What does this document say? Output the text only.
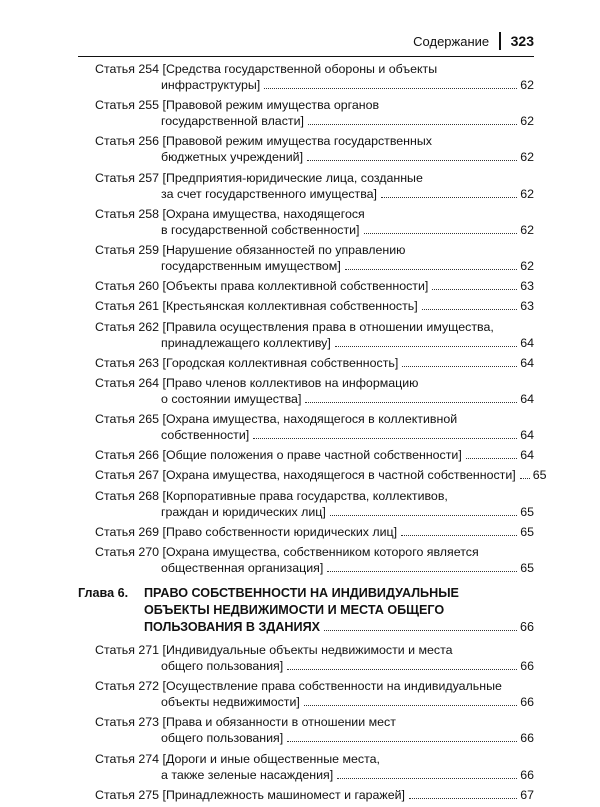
Содержание	323
Статья 254 [Средства государственной обороны и объекты
инфраструктуры]	62
Статья 255 [Правовой режим имущества органов
государственной власти]	62
Статья 256 [Правовой режим имущества государственных
бюджетных учреждений]	62
Статья 257 [Предприятия-юридические лица, созданные
за счет государственного имущества]	62
Статья 258 [Охрана имущества, находящегося
в государственной собственности]	62
Статья 259 [Нарушение обязанностей по управлению
государственным имуществом]	62
Статья 260 [Объекты права коллективной собственности]	63
Статья 261 [Крестьянская коллективная собственность]	63
Статья 262 [Правила осуществления права в отношении имущества,
принадлежащего коллективу]	64
Статья 263 [Городская коллективная собственность]	64
Статья 264 [Право членов коллективов на информацию
о состоянии имущества]	64
Статья 265 [Охрана имущества, находящегося в коллективной
собственности]	64
Статья 266 [Общие положения о праве частной собственности]	64
Статья 267 [Охрана имущества, находящегося в частной собственности] 65
Статья 268 [Корпоративные права государства, коллективов,
граждан и юридических лиц]	65
Статья 269 [Право собственности юридических лиц]	65
Статья 270 [Охрана имущества, собственником которого является
общественная организация]	65
Глава 6.	ПРАВО СОБСТВЕННОСТИ НА ИНДИВИДУАЛЬНЫЕ
ОБЪЕКТЫ НЕДВИЖИМОСТИ И МЕСТА ОБЩЕГО
ПОЛЬЗОВАНИЯ В ЗДАНИЯХ	66
Статья 271 [Индивидуальные объекты недвижимости и места
общего пользования]	66
Статья 272 [Осуществление права собственности на индивидуальные
объекты недвижимости]	66
Статья 273 [Права и обязанности в отношении мест
общего пользования]	66
Статья 274 [Дороги и иные общественные места,
а также зеленые насаждения]	66
Статья 275 [Принадлежность машиномест и гаражей]	67
